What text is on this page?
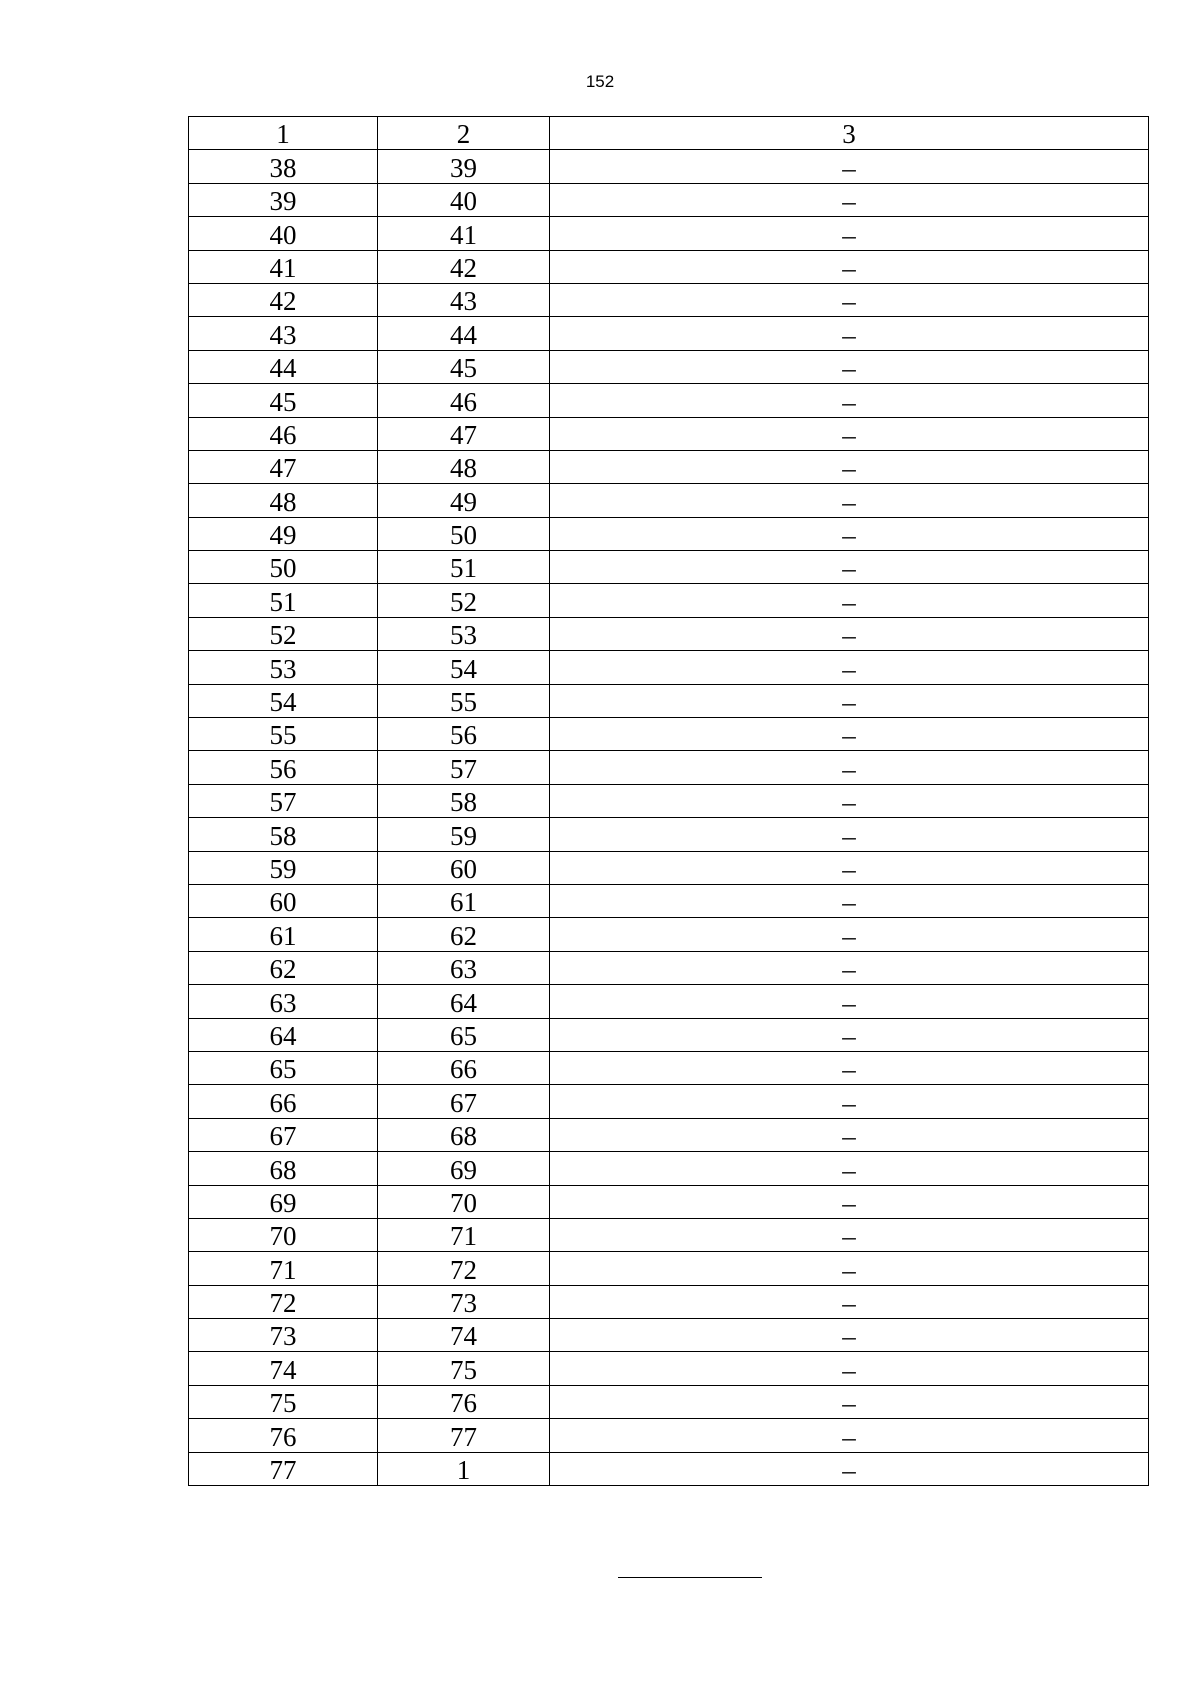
152
1	2	3
38	39	–
39	40	–
40	41	–
41	42	–
42	43	–
43	44	–
44	45	–
45	46	–
46	47	–
47	48	–
48	49	–
49	50	–
50	51	–
51	52	–
52	53	–
53	54	–
54	55	–
55	56	–
56	57	–
57	58	–
58	59	–
59	60	–
60	61	–
61	62	–
62	63	–
63	64	–
64	65	–
65	66	–
66	67	–
67	68	–
68	69	–
69	70	–
70	71	–
71	72	–
72	73	–
73	74	–
74	75	–
75	76	–
76	77	–
77	1	–
